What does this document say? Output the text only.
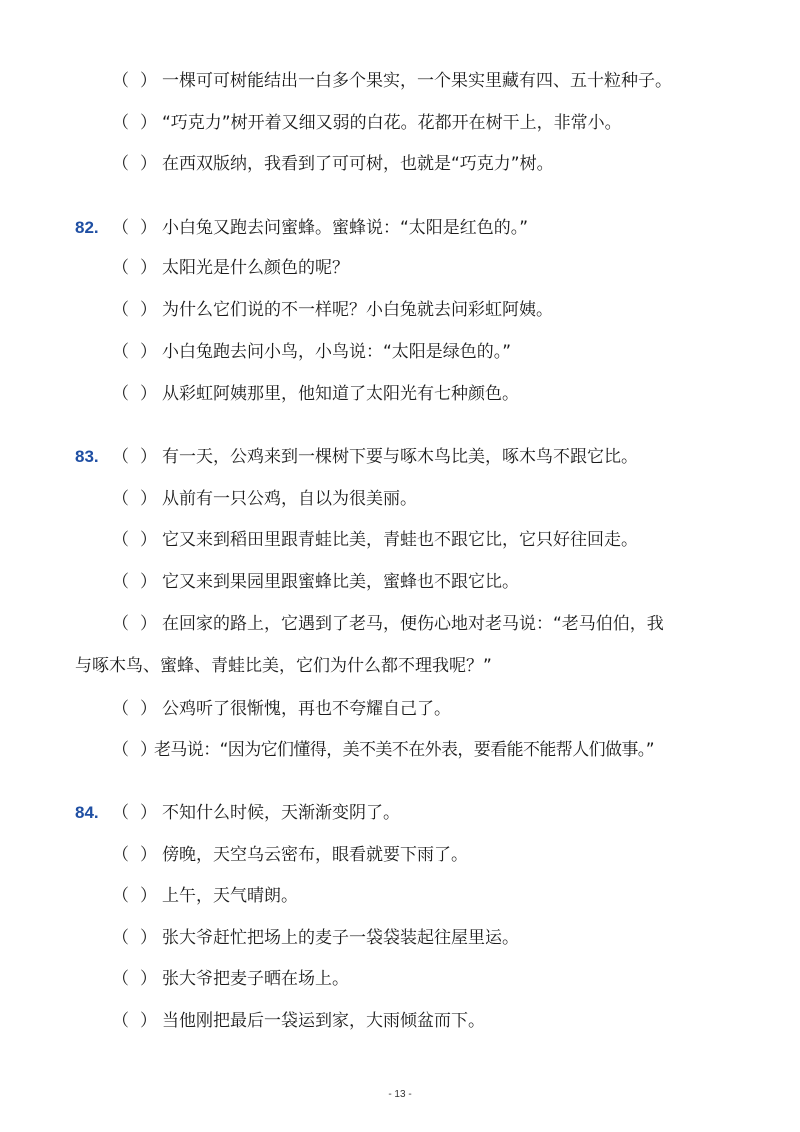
（ ） 一棵可可树能结出一白多个果实，一个果实里藏有四、五十粒种子。
（ ） “巧克力”树开着又细又弱的白花。花都开在树干上，非常小。
（ ） 在西双版纳，我看到了可可树，也就是“巧克力”树。
82. （ ） 小白兔又跑去问蜜蜂。蜜蜂说：“太阳是红色的。”
（ ） 太阳光是什么颜色的呢？
（ ） 为什么它们说的不一样呢？小白兔就去问彩虹阿姨。
（ ） 小白兔跑去问小鸟，小鸟说：“太阳是绿色的。”
（ ） 从彩虹阿姨那里，他知道了太阳光有七种颜色。
83. （ ） 有一天，公鸡来到一棵树下要与啄木鸟比美，啄木鸟不跟它比。
（ ） 从前有一只公鸡，自以为很美丽。
（ ） 它又来到稻田里跟青蛙比美，青蛙也不跟它比，它只好往回走。
（ ） 它又来到果园里跟蜜蜂比美，蜜蜂也不跟它比。
（ ） 在回家的路上，它遇到了老马，便伤心地对老马说：“老马伯伯，我
与啄木鸟、蜜蜂、青蛙比美，它们为什么都不理我呢？”
（ ） 公鸡听了很惭愧，再也不夸耀自己了。
（ ）老马说：“因为它们懂得，美不美不在外表，要看能不能帮人们做事。”
84. （ ） 不知什么时候，天渐渐变阴了。
（ ） 傍晚，天空乌云密布，眼看就要下雨了。
（ ） 上午，天气晴朗。
（ ） 张大爷赶忙把场上的麦子一袋袋装起往屋里运。
（ ） 张大爷把麦子晒在场上。
（ ） 当他刚把最后一袋运到家，大雨倾盆而下。
- 13 -
